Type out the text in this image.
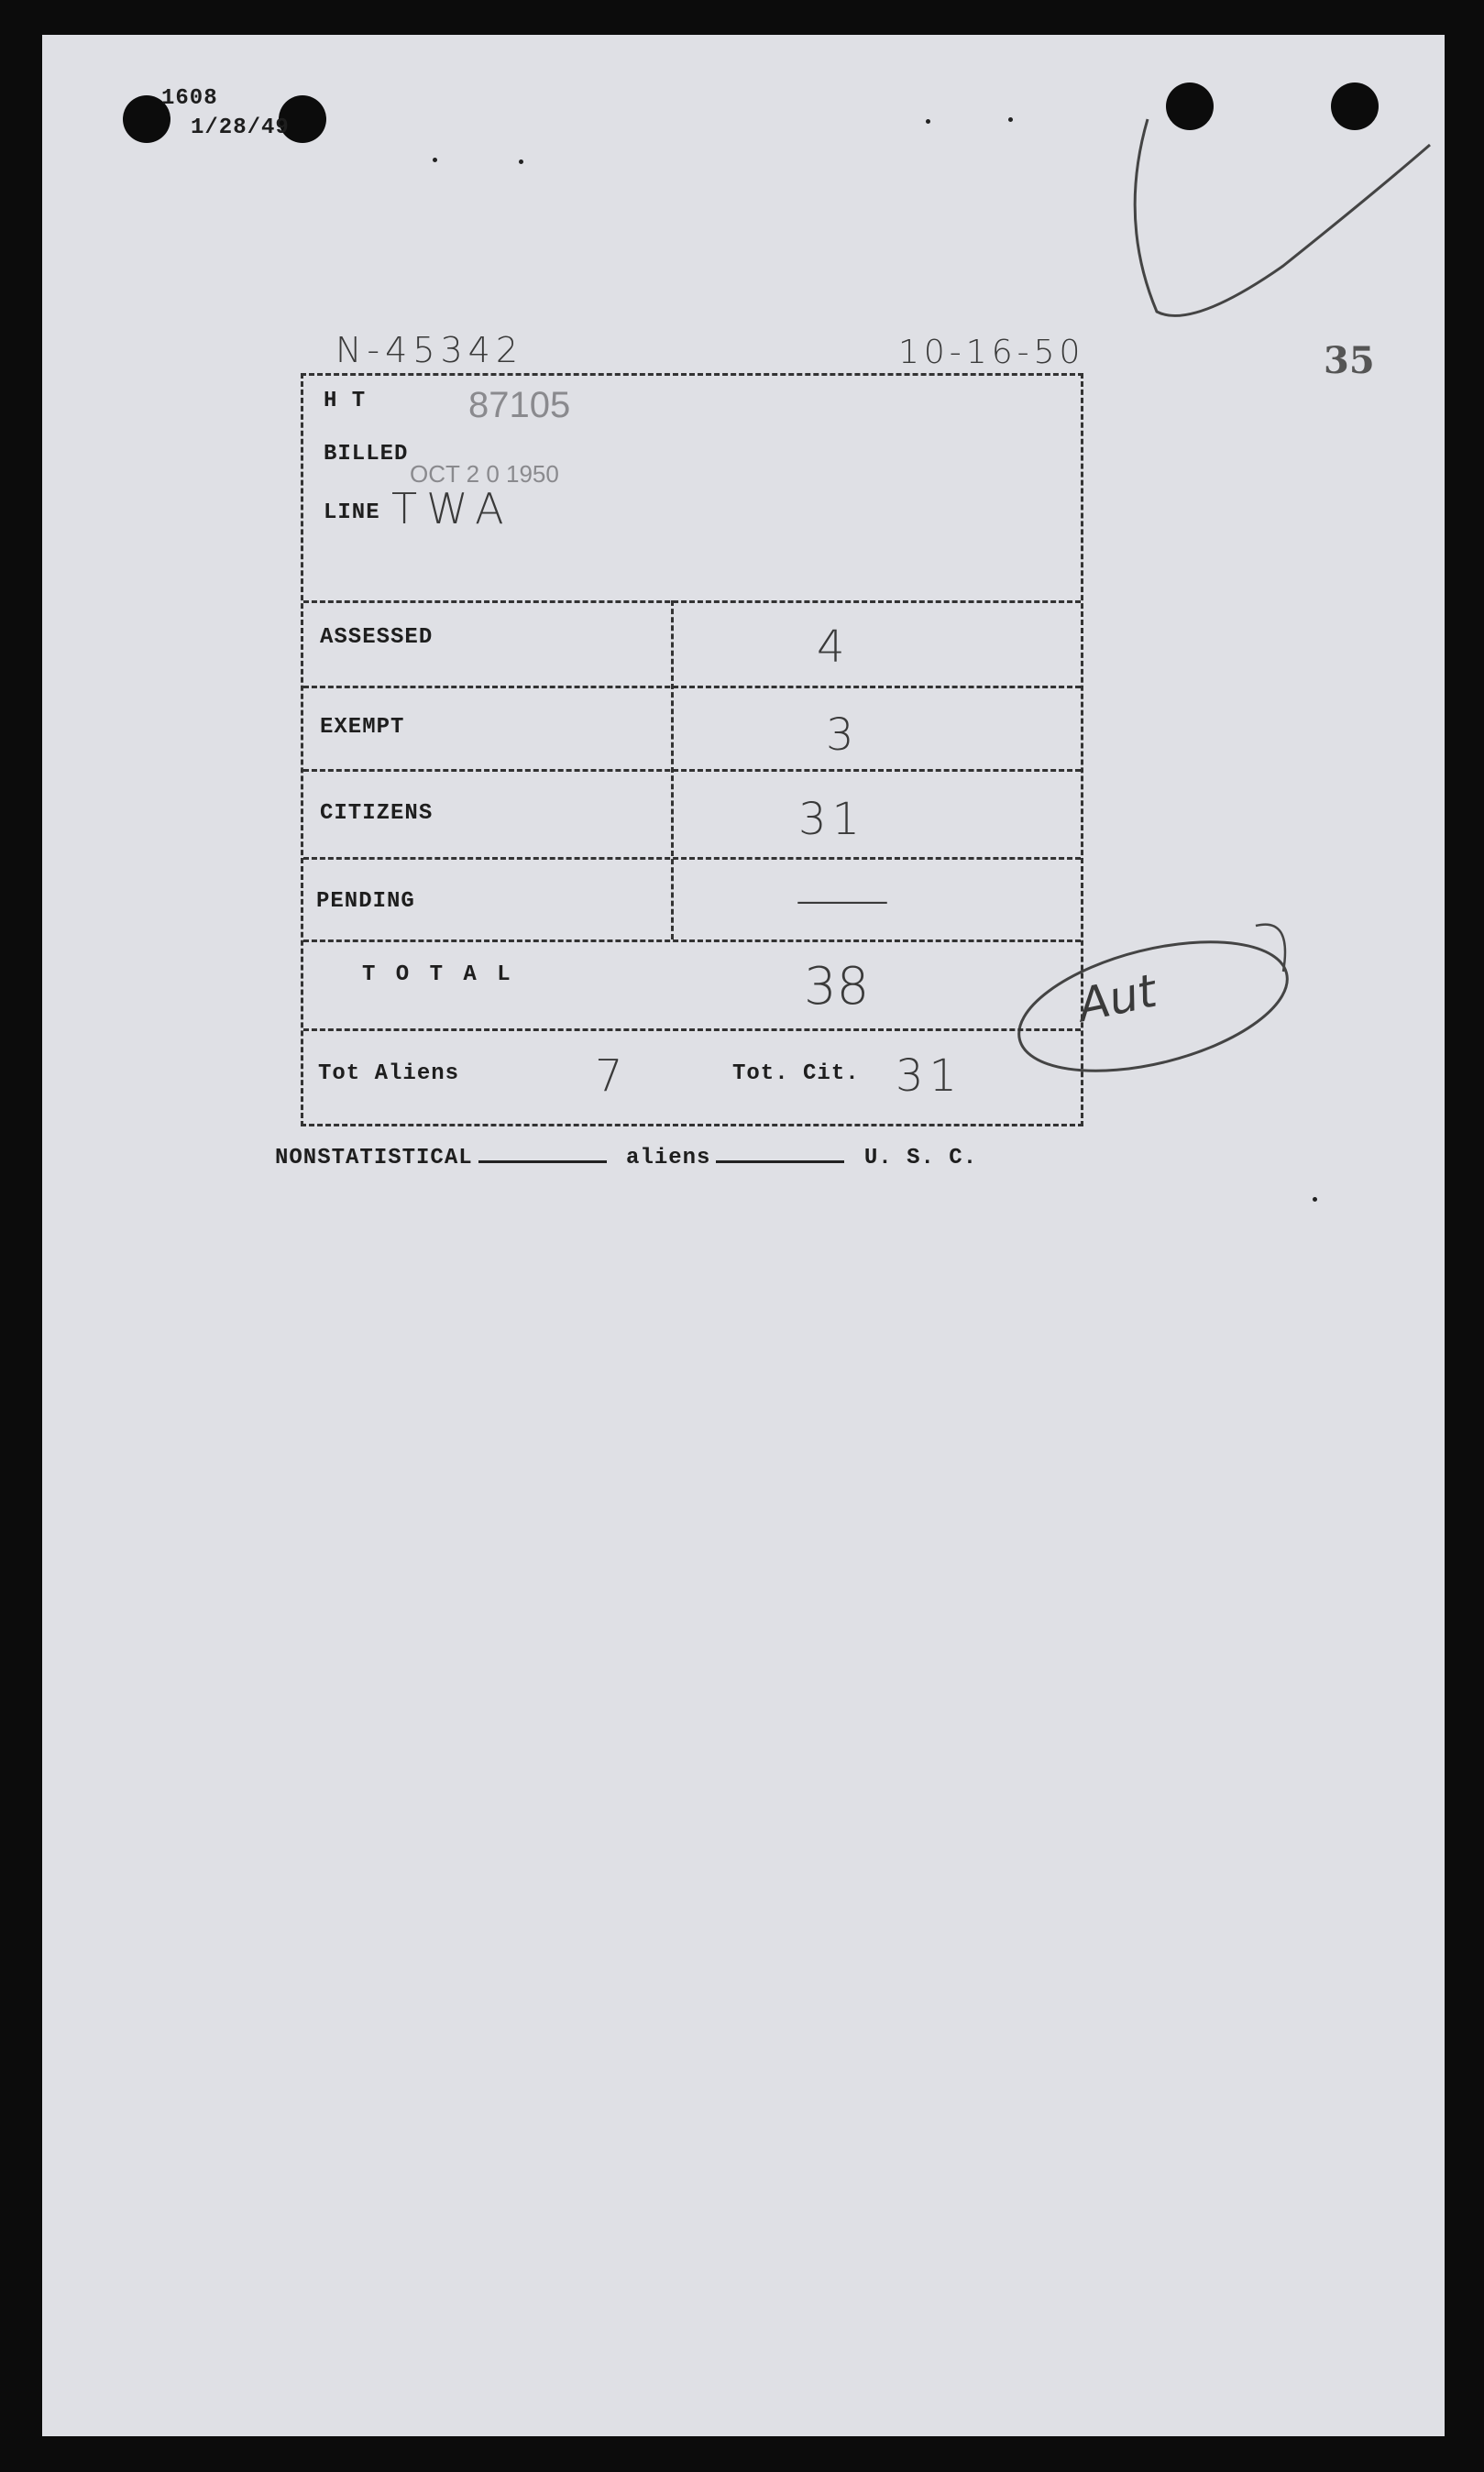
1608
1/28/49
N-45342	10-16-50	35
H T	87105
BILLED
OCT 2 0 1950
LINE TWA
ASSESSED	4
EXEMPT	3
CITIZENS	31
PENDING	—
T O T A L	38
Tot Aliens	7	Tot. Cit. 31
Aut
NONSTATISTICAL	aliens	U. S. C.
